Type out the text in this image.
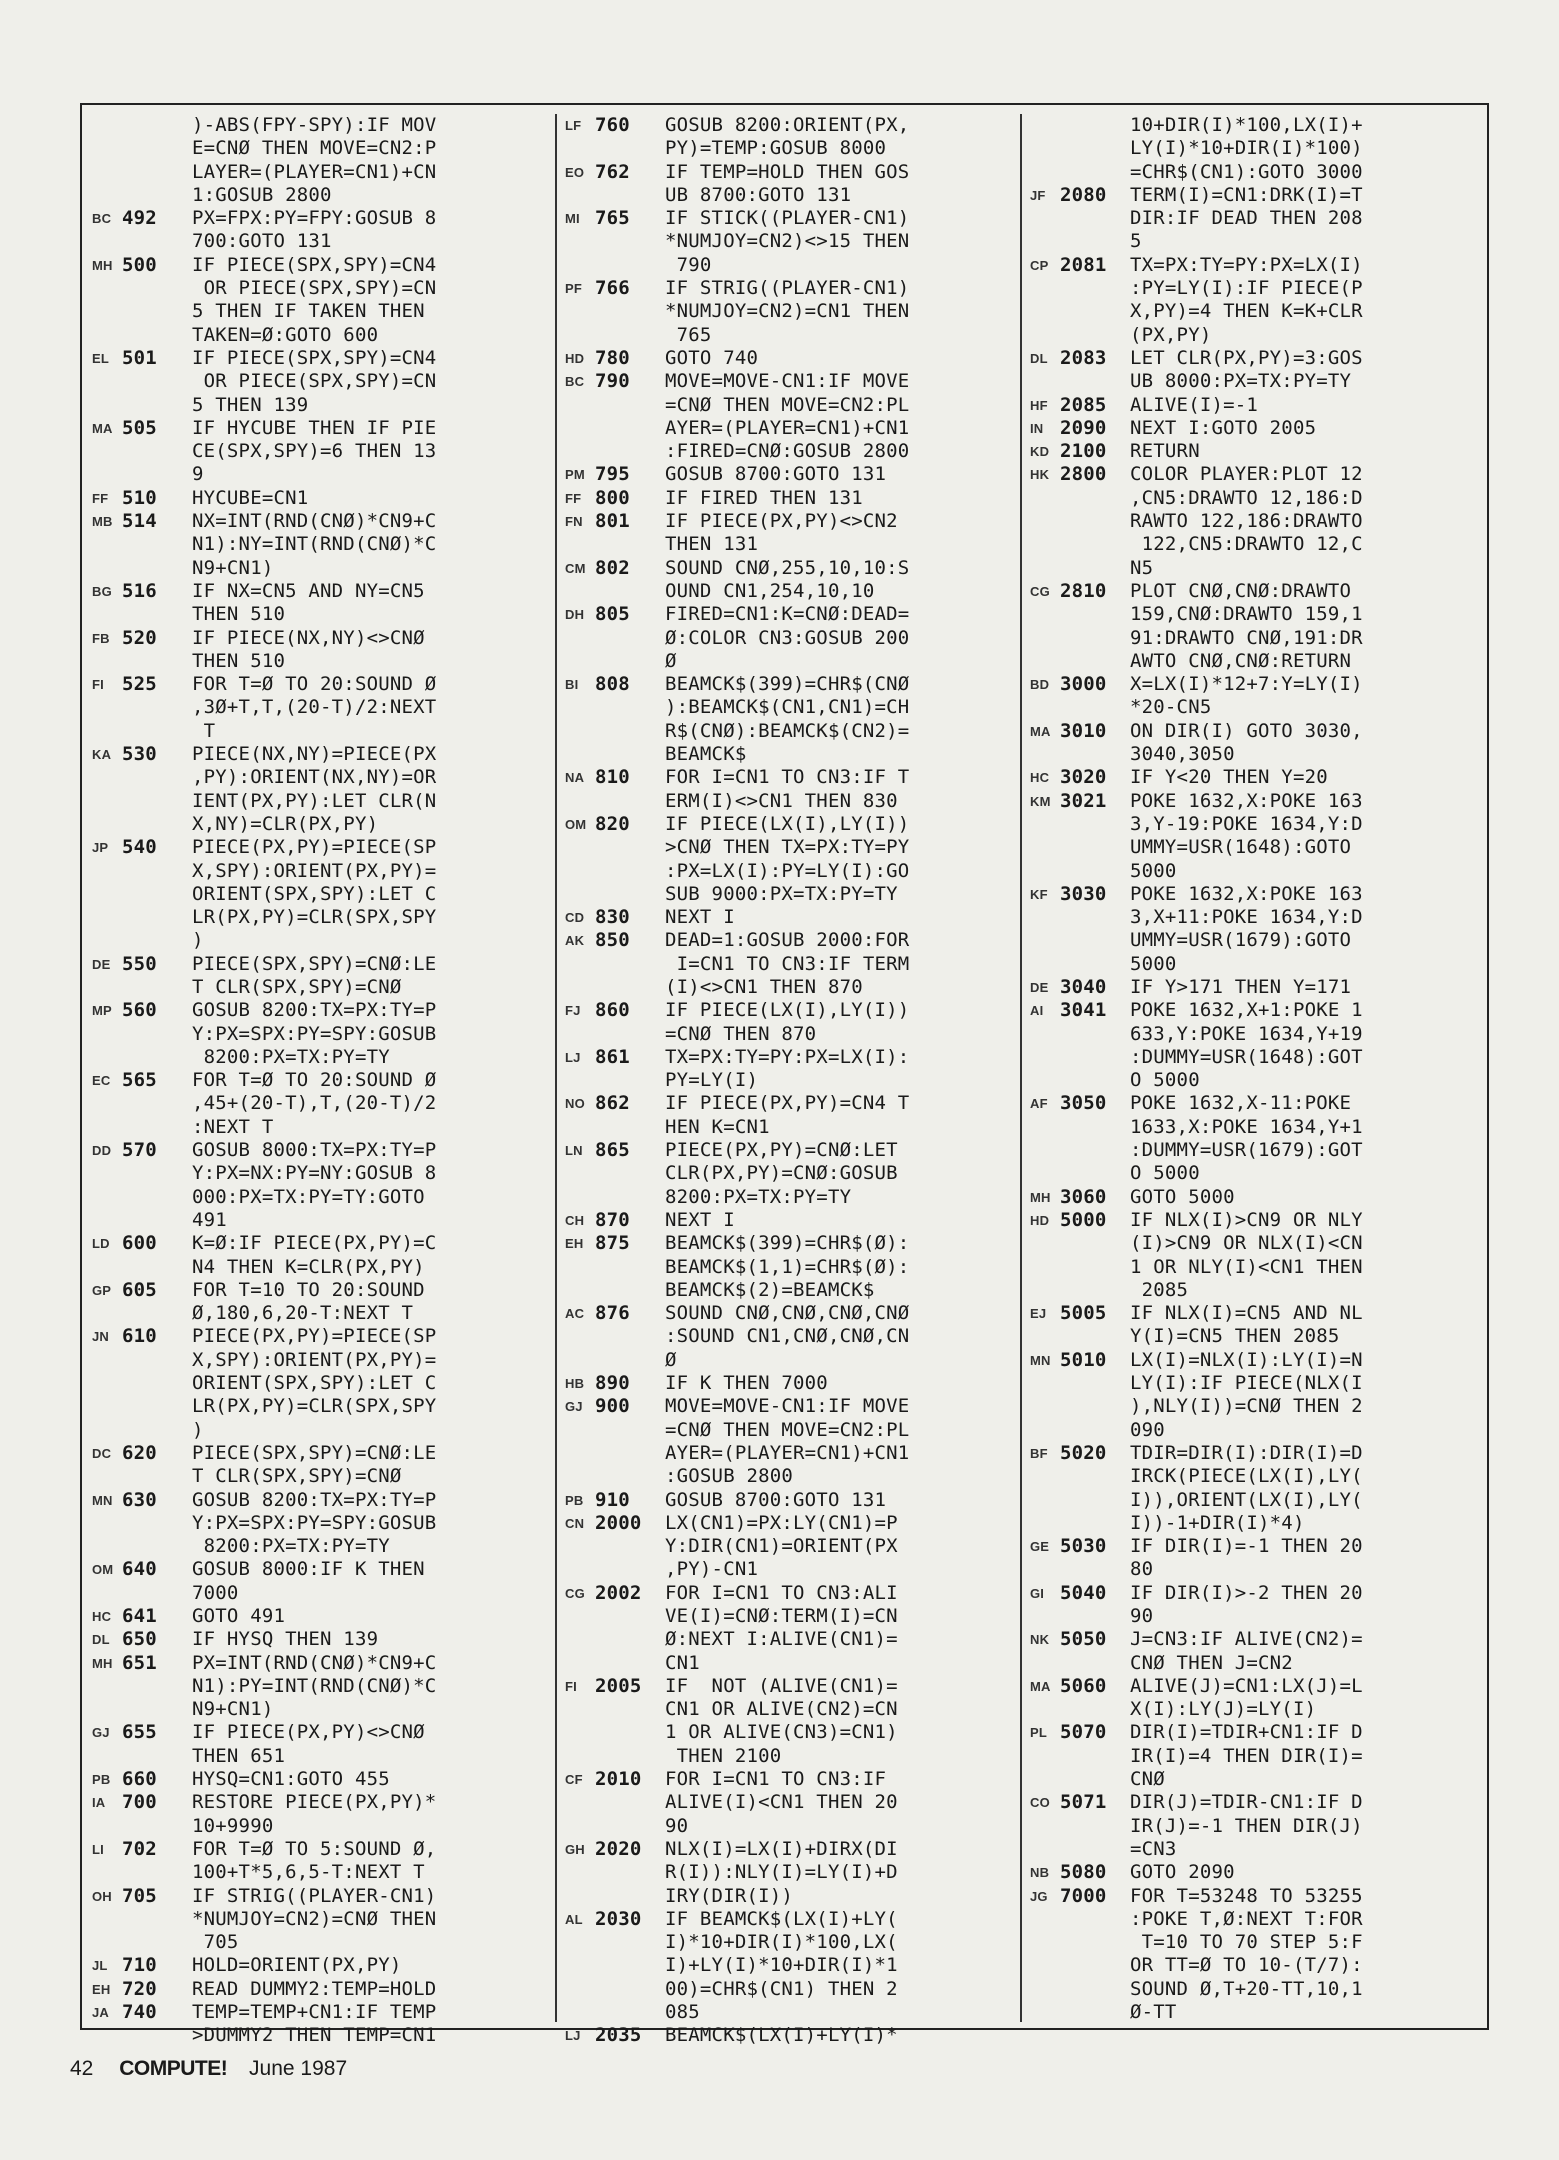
)-ABS(FPY-SPY):IF MOV
E=CNØ THEN MOVE=CN2:P
LAYER=(PLAYER=CN1)+CN
1:GOSUB 2800
BC 492	PX=FPX:PY=FPY:GOSUB 8
700:GOTO 131
MH 500	IF PIECE(SPX,SPY)=CN4
OR PIECE(SPX,SPY)=CN
5 THEN IF TAKEN THEN
TAKEN=Ø:GOTO 600
EL 501	IF PIECE(SPX,SPY)=CN4
OR PIECE(SPX,SPY)=CN
5 THEN 139
MA 505	IF HYCUBE THEN IF PIE
CE(SPX,SPY)=6 THEN 13
9
FF 510	HYCUBE=CN1
MB 514	NX=INT(RND(CNØ)*CN9+C
N1):NY=INT(RND(CNØ)*C
N9+CN1)
BG 516	IF NX=CN5 AND NY=CN5
THEN 510
FB 520	IF PIECE(NX,NY)<>CNØ
THEN 510
FI 525	FOR T=Ø TO 20:SOUND Ø
,3Ø+T,T,(20-T)/2:NEXT
T
KA 530	PIECE(NX,NY)=PIECE(PX
,PY):ORIENT(NX,NY)=OR
IENT(PX,PY):LET CLR(N
X,NY)=CLR(PX,PY)
JP 540	PIECE(PX,PY)=PIECE(SP
X,SPY):ORIENT(PX,PY)=
ORIENT(SPX,SPY):LET C
LR(PX,PY)=CLR(SPX,SPY
)
DE 550	PIECE(SPX,SPY)=CNØ:LE
T CLR(SPX,SPY)=CNØ
MP 560	GOSUB 8200:TX=PX:TY=P
Y:PX=SPX:PY=SPY:GOSUB
8200:PX=TX:PY=TY
EC 565	FOR T=Ø TO 20:SOUND Ø
,45+(20-T),T,(20-T)/2
:NEXT T
DD 570	GOSUB 8000:TX=PX:TY=P
Y:PX=NX:PY=NY:GOSUB 8
000:PX=TX:PY=TY:GOTO
491
LD 600	K=Ø:IF PIECE(PX,PY)=C
N4 THEN K=CLR(PX,PY)
GP 605	FOR T=10 TO 20:SOUND
Ø,180,6,20-T:NEXT T
JN 610	PIECE(PX,PY)=PIECE(SP
X,SPY):ORIENT(PX,PY)=
ORIENT(SPX,SPY):LET C
LR(PX,PY)=CLR(SPX,SPY
)
DC 620	PIECE(SPX,SPY)=CNØ:LE
T CLR(SPX,SPY)=CNØ
MN 630	GOSUB 8200:TX=PX:TY=P
Y:PX=SPX:PY=SPY:GOSUB
8200:PX=TX:PY=TY
OM 640	GOSUB 8000:IF K THEN
7000
HC 641	GOTO 491
DL 650	IF HYSQ THEN 139
MH 651	PX=INT(RND(CNØ)*CN9+C
N1):PY=INT(RND(CNØ)*C
N9+CN1)
GJ 655	IF PIECE(PX,PY)<>CNØ
THEN 651
PB 660	HYSQ=CN1:GOTO 455
IA 700	RESTORE PIECE(PX,PY)*
10+9990
LI 702	FOR T=Ø TO 5:SOUND Ø,
100+T*5,6,5-T:NEXT T
OH 705	IF STRIG((PLAYER-CN1)
*NUMJOY=CN2)=CNØ THEN
705
JL 710	HOLD=ORIENT(PX,PY)
EH 720	READ DUMMY2:TEMP=HOLD
JA 740	TEMP=TEMP+CN1:IF TEMP
>DUMMY2 THEN TEMP=CN1
LF 760	GOSUB 8200:ORIENT(PX,
PY)=TEMP:GOSUB 8000
EO 762	IF TEMP=HOLD THEN GOS
UB 8700:GOTO 131
MI 765	IF STICK((PLAYER-CN1)
*NUMJOY=CN2)<>15 THEN
790
PF 766	IF STRIG((PLAYER-CN1)
*NUMJOY=CN2)=CN1 THEN
765
HD 780	GOTO 740
BC 790	MOVE=MOVE-CN1:IF MOVE
=CNØ THEN MOVE=CN2:PL
AYER=(PLAYER=CN1)+CN1
:FIRED=CNØ:GOSUB 2800
PM 795	GOSUB 8700:GOTO 131
FF 800	IF FIRED THEN 131
FN 801	IF PIECE(PX,PY)<>CN2
THEN 131
CM 802	SOUND CNØ,255,10,10:S
OUND CN1,254,10,10
DH 805	FIRED=CN1:K=CNØ:DEAD=
Ø:COLOR CN3:GOSUB 200
Ø
BI 808	BEAMCK$(399)=CHR$(CNØ
):BEAMCK$(CN1,CN1)=CH
R$(CNØ):BEAMCK$(CN2)=
BEAMCK$
NA 810	FOR I=CN1 TO CN3:IF T
ERM(I)<>CN1 THEN 830
OM 820	IF PIECE(LX(I),LY(I))
>CNØ THEN TX=PX:TY=PY
:PX=LX(I):PY=LY(I):GO
SUB 9000:PX=TX:PY=TY
CD 830	NEXT I
AK 850	DEAD=1:GOSUB 2000:FOR
I=CN1 TO CN3:IF TERM
(I)<>CN1 THEN 870
FJ 860	IF PIECE(LX(I),LY(I))
=CNØ THEN 870
LJ 861	TX=PX:TY=PY:PX=LX(I):
PY=LY(I)
NO 862	IF PIECE(PX,PY)=CN4 T
HEN K=CN1
LN 865	PIECE(PX,PY)=CNØ:LET
CLR(PX,PY)=CNØ:GOSUB
8200:PX=TX:PY=TY
CH 870	NEXT I
EH 875	BEAMCK$(399)=CHR$(Ø):
BEAMCK$(1,1)=CHR$(Ø):
BEAMCK$(2)=BEAMCK$
AC 876	SOUND CNØ,CNØ,CNØ,CNØ
:SOUND CN1,CNØ,CNØ,CN
Ø
HB 890	IF K THEN 7000
GJ 900	MOVE=MOVE-CN1:IF MOVE
=CNØ THEN MOVE=CN2:PL
AYER=(PLAYER=CN1)+CN1
:GOSUB 2800
PB 910	GOSUB 8700:GOTO 131
CN 2000	LX(CN1)=PX:LY(CN1)=P
Y:DIR(CN1)=ORIENT(PX
,PY)-CN1
CG 2002	FOR I=CN1 TO CN3:ALI
VE(I)=CNØ:TERM(I)=CN
Ø:NEXT I:ALIVE(CN1)=
CN1
FI 2005	IF  NOT (ALIVE(CN1)=
CN1 OR ALIVE(CN2)=CN
1 OR ALIVE(CN3)=CN1)
THEN 2100
CF 2010	FOR I=CN1 TO CN3:IF
ALIVE(I)<CN1 THEN 20
90
GH 2020	NLX(I)=LX(I)+DIRX(DI
R(I)):NLY(I)=LY(I)+D
IRY(DIR(I))
AL 2030	IF BEAMCK$(LX(I)+LY(
I)*10+DIR(I)*100,LX(
I)+LY(I)*10+DIR(I)*1
00)=CHR$(CN1) THEN 2
085
LJ 2035	BEAMCK$(LX(I)+LY(I)*
10+DIR(I)*100,LX(I)+
LY(I)*10+DIR(I)*100)
=CHR$(CN1):GOTO 3000
JF 2080	TERM(I)=CN1:DRK(I)=T
DIR:IF DEAD THEN 208
5
CP 2081	TX=PX:TY=PY:PX=LX(I)
:PY=LY(I):IF PIECE(P
X,PY)=4 THEN K=K+CLR
(PX,PY)
DL 2083	LET CLR(PX,PY)=3:GOS
UB 8000:PX=TX:PY=TY
HF 2085	ALIVE(I)=-1
IN 2090	NEXT I:GOTO 2005
KD 2100	RETURN
HK 2800	COLOR PLAYER:PLOT 12
,CN5:DRAWTO 12,186:D
RAWTO 122,186:DRAWTO
122,CN5:DRAWTO 12,C
N5
CG 2810	PLOT CNØ,CNØ:DRAWTO
159,CNØ:DRAWTO 159,1
91:DRAWTO CNØ,191:DR
AWTO CNØ,CNØ:RETURN
BD 3000	X=LX(I)*12+7:Y=LY(I)
*20-CN5
MA 3010	ON DIR(I) GOTO 3030,
3040,3050
HC 3020	IF Y<20 THEN Y=20
KM 3021	POKE 1632,X:POKE 163
3,Y-19:POKE 1634,Y:D
UMMY=USR(1648):GOTO
5000
KF 3030	POKE 1632,X:POKE 163
3,X+11:POKE 1634,Y:D
UMMY=USR(1679):GOTO
5000
DE 3040	IF Y>171 THEN Y=171
AI 3041	POKE 1632,X+1:POKE 1
633,Y:POKE 1634,Y+19
:DUMMY=USR(1648):GOT
O 5000
AF 3050	POKE 1632,X-11:POKE
1633,X:POKE 1634,Y+1
:DUMMY=USR(1679):GOT
O 5000
MH 3060	GOTO 5000
HD 5000	IF NLX(I)>CN9 OR NLY
(I)>CN9 OR NLX(I)<CN
1 OR NLY(I)<CN1 THEN
2085
EJ 5005	IF NLX(I)=CN5 AND NL
Y(I)=CN5 THEN 2085
MN 5010	LX(I)=NLX(I):LY(I)=N
LY(I):IF PIECE(NLX(I
),NLY(I))=CNØ THEN 2
090
BF 5020	TDIR=DIR(I):DIR(I)=D
IRCK(PIECE(LX(I),LY(
I)),ORIENT(LX(I),LY(
I))-1+DIR(I)*4)
GE 5030	IF DIR(I)=-1 THEN 20
80
GI 5040	IF DIR(I)>-2 THEN 20
90
NK 5050	J=CN3:IF ALIVE(CN2)=
CNØ THEN J=CN2
MA 5060	ALIVE(J)=CN1:LX(J)=L
X(I):LY(J)=LY(I)
PL 5070	DIR(I)=TDIR+CN1:IF D
IR(I)=4 THEN DIR(I)=
CNØ
CO 5071	DIR(J)=TDIR-CN1:IF D
IR(J)=-1 THEN DIR(J)
=CN3
NB 5080	GOTO 2090
JG 7000	FOR T=53248 TO 53255
:POKE T,Ø:NEXT T:FOR
T=10 TO 70 STEP 5:F
OR TT=Ø TO 10-(T/7):
SOUND Ø,T+20-TT,10,1
Ø-TT
42 COMPUTE! June 1987
